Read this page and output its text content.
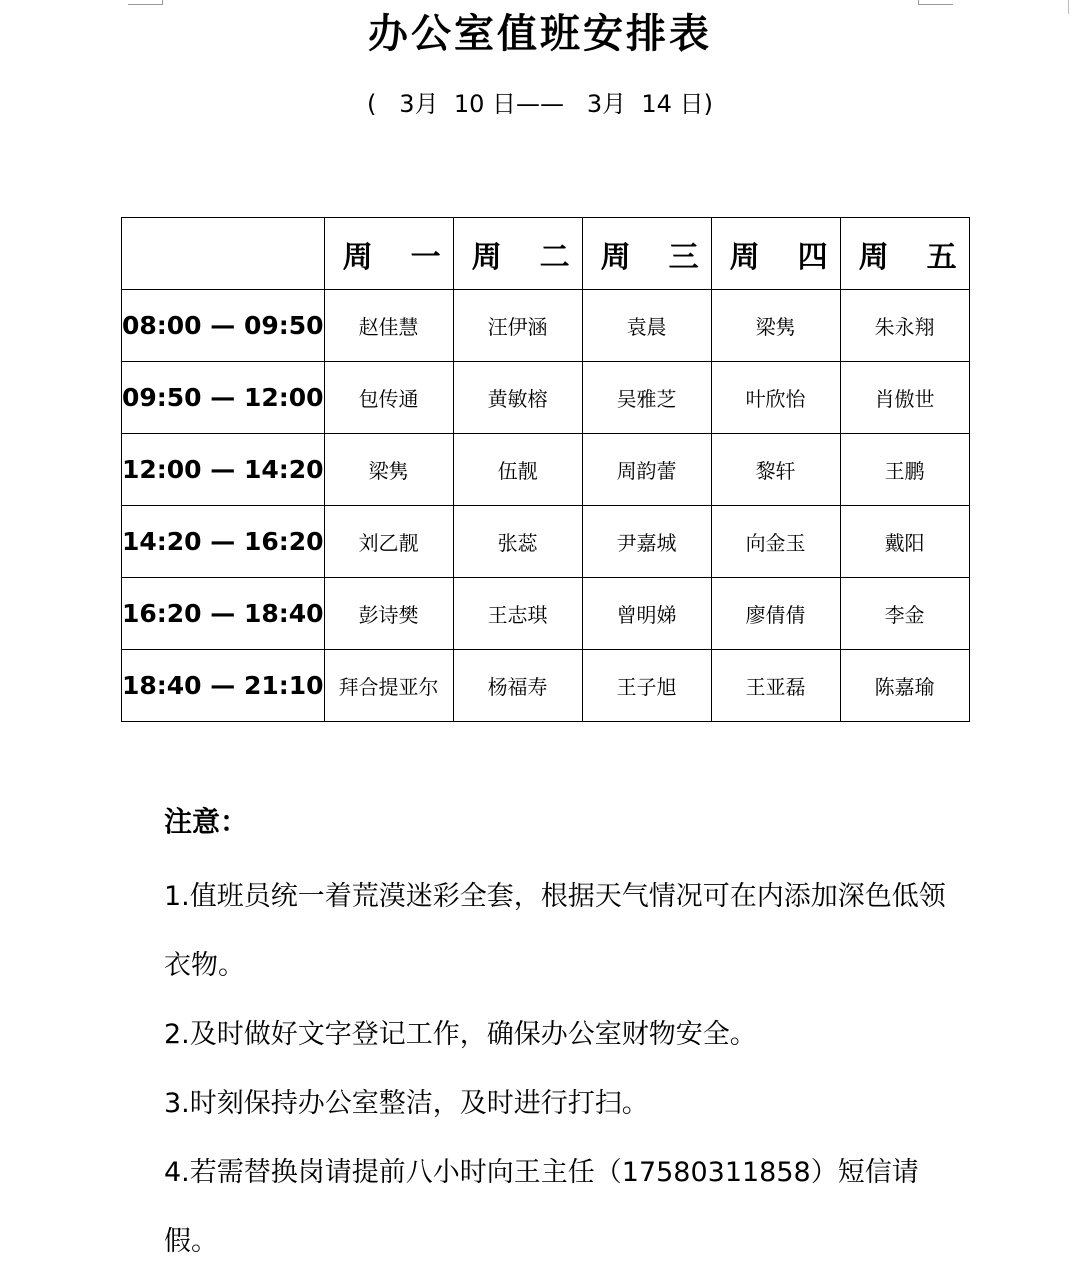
办公室值班安排表
(   3月  10 日——   3月  14 日)

	周 一	周 二	周 三	周 四	周 五

08:00 — 09:50	赵佳慧	汪伊涵	袁晨	梁隽	朱永翔
09:50 — 12:00	包传通	黄敏榕	吴雅芝	叶欣怡	肖傲世
12:00 — 14:20	梁隽	伍靓	周韵蕾	黎轩	王鹏
14:20 — 16:20	刘乙靓	张蕊	尹嘉城	向金玉	戴阳
16:20 — 18:40	彭诗樊	王志琪	曾明娣	廖倩倩	李金
18:40 — 21:10	拜合提亚尔	杨福寿	王子旭	王亚磊	陈嘉瑜
注意：

1.值班员统一着荒漠迷彩全套，根据天气情况可在内添加深色低领衣物。

2.及时做好文字登记工作，确保办公室财物安全。

3.时刻保持办公室整洁，及时进行打扫。

4.若需替换岗请提前八小时向王主任（17580311858）短信请假。
